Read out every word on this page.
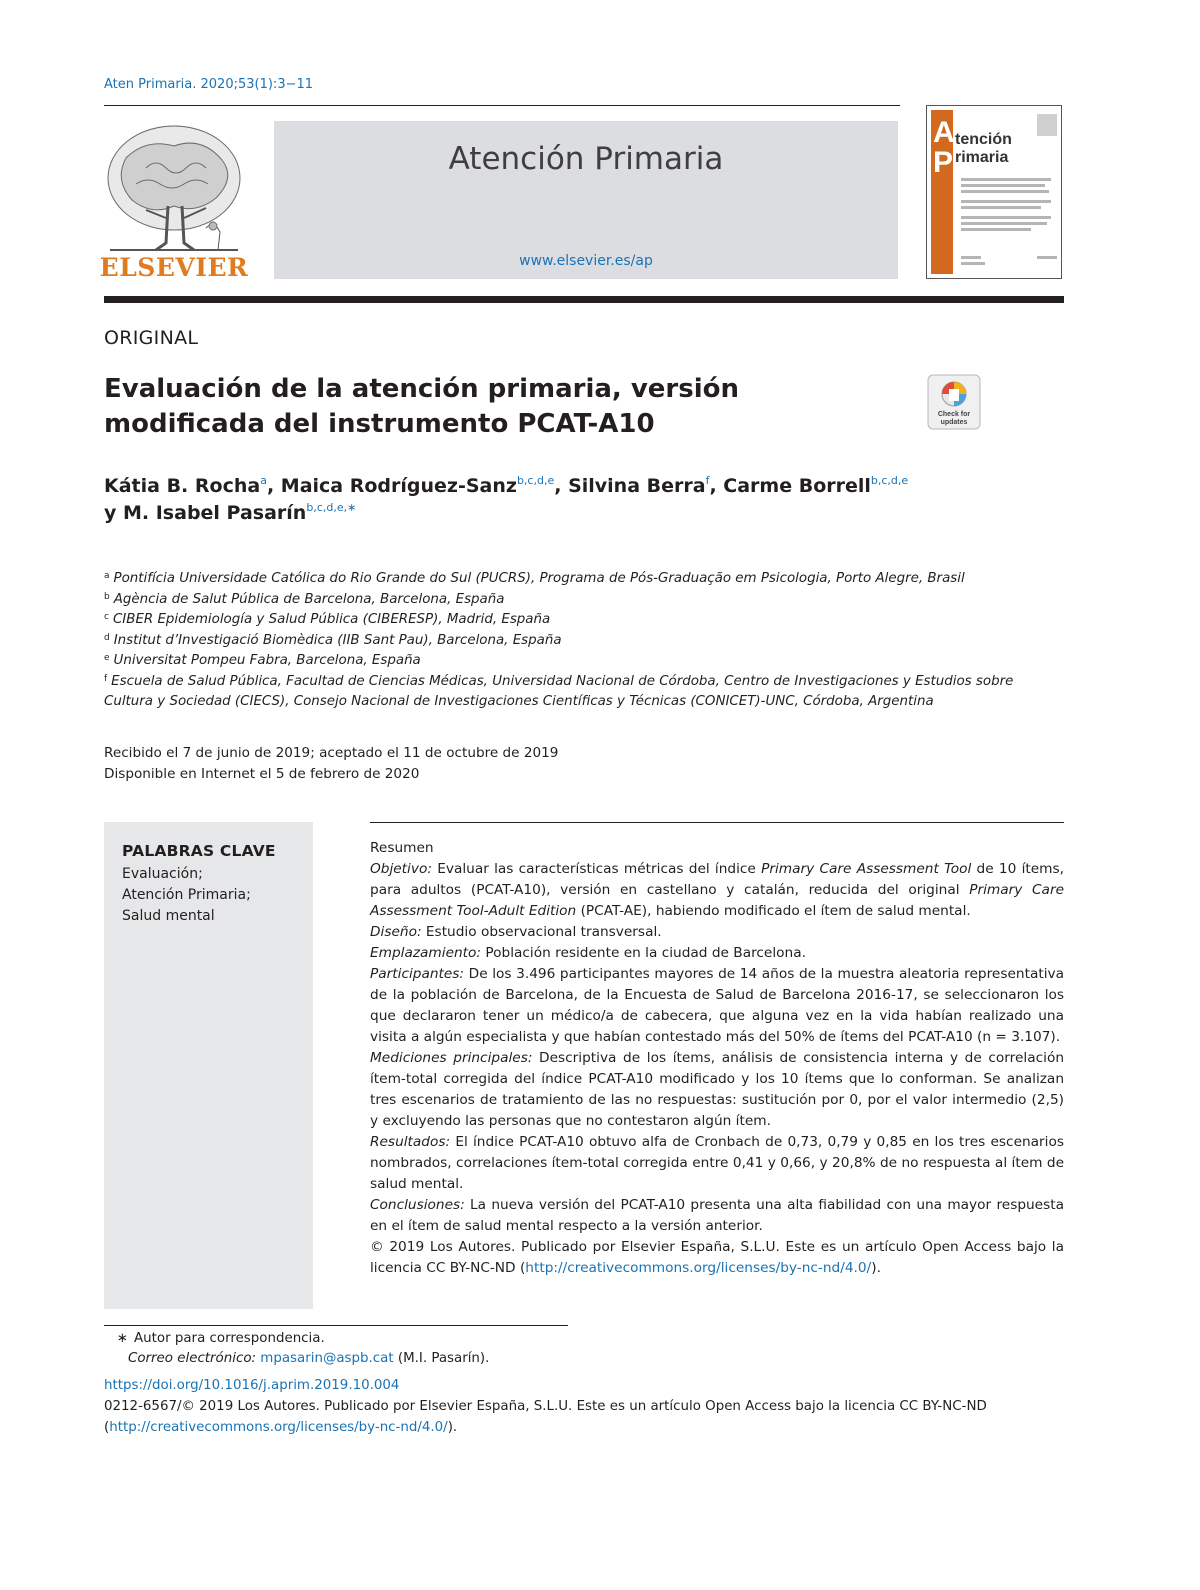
Aten Primaria. 2020;53(1):3−11
ELSEVIER
Atención Primaria
www.elsevier.es/ap
A
P
tención
rimaria
ORIGINAL
Evaluación de la atención primaria, versión modificada del instrumento PCAT-A10	Check for
updates
Kátia B. Rocha$^a$, Maica Rodríguez-Sanz$^{b,c,d,e}$, Silvina Berra$^f$, Carme Borrell$^{b,c,d,e}$
y M. Isabel Pasarín$^{b,c,d,e,∗}$
$^a$ Pontifícia Universidade Católica do Rio Grande do Sul (PUCRS), Programa de Pós-Graduação em Psicologia, Porto Alegre, Brasil
$^b$ Agència de Salut Pública de Barcelona, Barcelona, España
$^c$ CIBER Epidemiología y Salud Pública (CIBERESP), Madrid, España
$^d$ Institut d’Investigació Biomèdica (IIB Sant Pau), Barcelona, España
$^e$ Universitat Pompeu Fabra, Barcelona, España
$^f$ Escuela de Salud Pública, Facultad de Ciencias Médicas, Universidad Nacional de Córdoba, Centro de Investigaciones y Estudios sobre Cultura y Sociedad (CIECS), Consejo Nacional de Investigaciones Científicas y Técnicas (CONICET)-UNC, Córdoba, Argentina
Recibido el 7 de junio de 2019; aceptado el 11 de octubre de 2019
Disponible en Internet el 5 de febrero de 2020
PALABRAS CLAVE
Evaluación;
Atención Primaria;
Salud mental

Resumen

Objetivo: Evaluar las características métricas del índice Primary Care Assessment Tool de 10 ítems, para adultos (PCAT-A10), versión en castellano y catalán, reducida del original Primary Care Assessment Tool-Adult Edition (PCAT-AE), habiendo modificado el ítem de salud mental.

Diseño: Estudio observacional transversal.

Emplazamiento: Población residente en la ciudad de Barcelona.

Participantes: De los 3.496 participantes mayores de 14 años de la muestra aleatoria representativa de la población de Barcelona, de la Encuesta de Salud de Barcelona 2016-17, se seleccionaron los que declararon tener un médico/a de cabecera, que alguna vez en la vida habían realizado una visita a algún especialista y que habían contestado más del 50% de ítems del PCAT-A10 (n = 3.107).

Mediciones principales: Descriptiva de los ítems, análisis de consistencia interna y de correlación ítem-total corregida del índice PCAT-A10 modificado y los 10 ítems que lo conforman. Se analizan tres escenarios de tratamiento de las no respuestas: sustitución por 0, por el valor intermedio (2,5) y excluyendo las personas que no contestaron algún ítem.

Resultados: El índice PCAT-A10 obtuvo alfa de Cronbach de 0,73, 0,79 y 0,85 en los tres escenarios nombrados, correlaciones ítem-total corregida entre 0,41 y 0,66, y 20,8% de no respuesta al ítem de salud mental.

Conclusiones: La nueva versión del PCAT-A10 presenta una alta fiabilidad con una mayor respuesta en el ítem de salud mental respecto a la versión anterior.

© 2019 Los Autores. Publicado por Elsevier España, S.L.U. Este es un artículo Open Access bajo la licencia CC BY-NC-ND (http://creativecommons.org/licenses/by-nc-nd/4.0/).

∗ Autor para correspondencia.
Correo electrónico: mpasarin@aspb.cat (M.I. Pasarín).
https://doi.org/10.1016/j.aprim.2019.10.004
0212-6567/© 2019 Los Autores. Publicado por Elsevier España, S.L.U. Este es un artículo Open Access bajo la licencia CC BY-NC-ND (http://creativecommons.org/licenses/by-nc-nd/4.0/).
